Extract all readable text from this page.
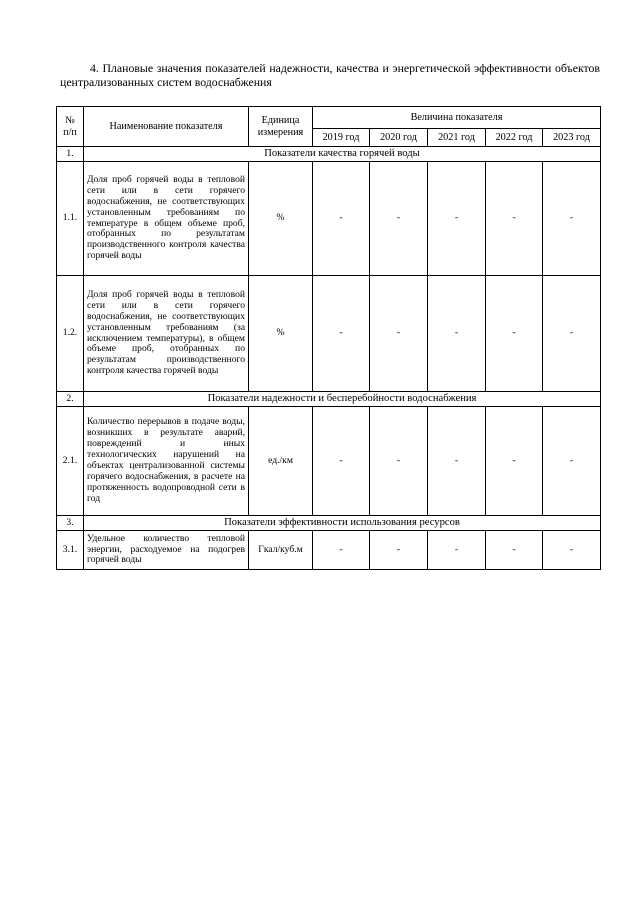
4. Плановые значения показателей надежности, качества и энергетической эффективности объектов централизованных систем водоснабжения

№ п/п	Наименование показателя	Единица измерения	Величина показателя				
			2019 год	2020 год	2021 год	2022 год	2023 год
1.	Показатели качества горячей воды						
1.1.	Доля проб горячей воды в тепловой сети или в сети горячего водоснабжения, не соответствующих установленным требованиям по температуре в общем объеме проб, отобранных по результатам производственного контроля качества горячей воды	%	-	-	-	-	-
1.2.	Доля проб горячей воды в тепловой сети или в сети горячего водоснабжения, не соответствующих установленным требованиям (за исключением температуры), в общем объеме проб, отобранных по результатам производственного контроля качества горячей воды	%	-	-	-	-	-
2.	Показатели надежности и бесперебойности водоснабжения						
2.1.	Количество перерывов в подаче воды, возникших в результате аварий, повреждений и иных технологических нарушений на объектах централизованной системы горячего водоснабжения, в расчете на протяженность водопроводной сети в год	ед./км	-	-	-	-	-
3.	Показатели эффективности использования ресурсов						
3.1.	Удельное количество тепловой энергии, расходуемое на подогрев горячей воды	Гкал/куб.м	-	-	-	-	-
